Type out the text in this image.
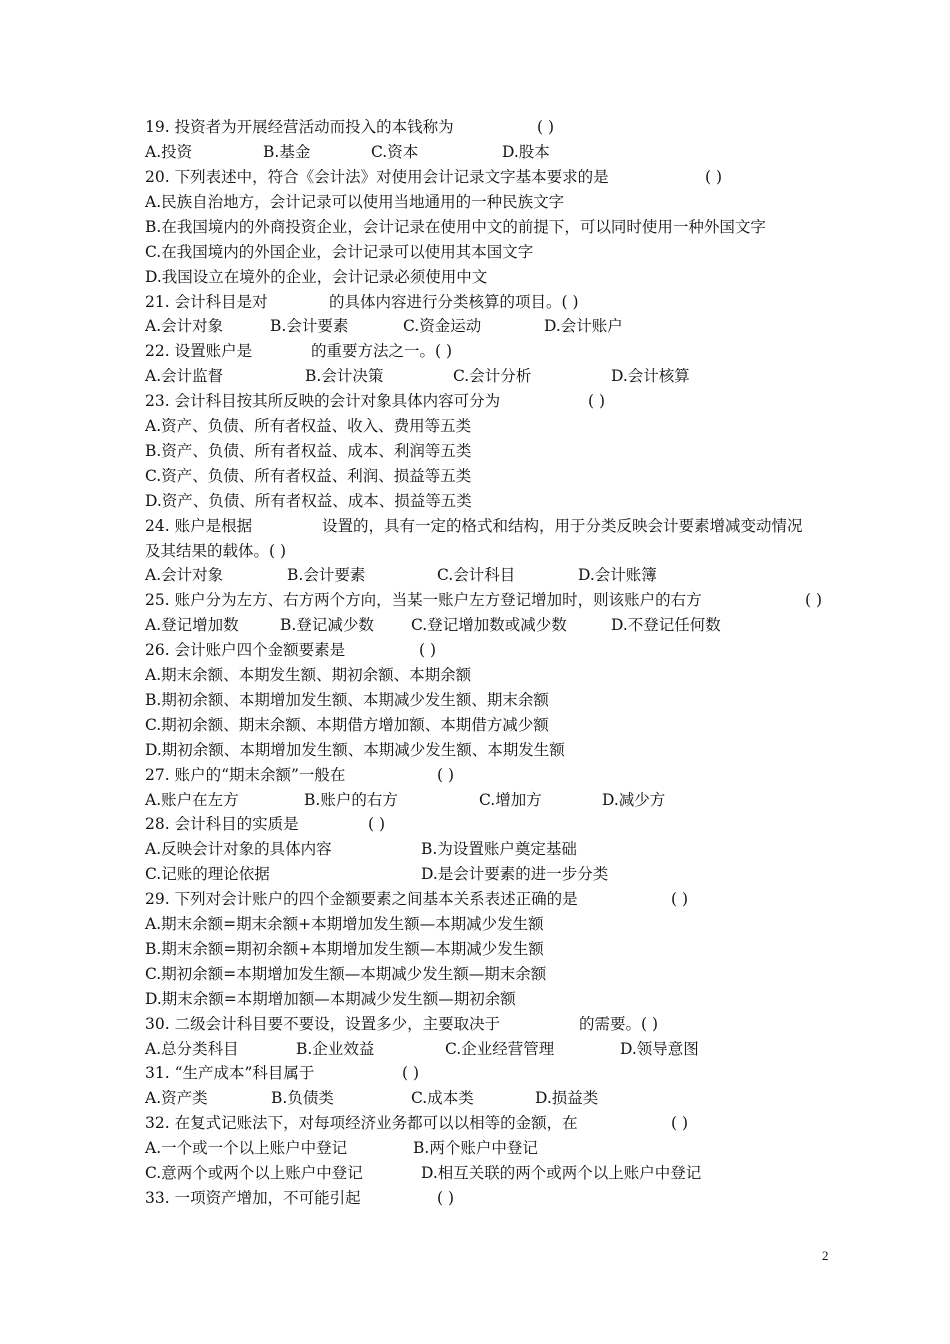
19. 投资者为开展经营活动而投入的本钱称为	( )
A.投资	B.基金	C.资本	D.股本
20. 下列表述中，符合《会计法》对使用会计记录文字基本要求的是	( )
A.民族自治地方，会计记录可以使用当地通用的一种民族文字
B.在我国境内的外商投资企业，会计记录在使用中文的前提下，可以同时使用一种外国文字
C.在我国境内的外国企业，会计记录可以使用其本国文字
D.我国设立在境外的企业，会计记录必须使用中文
21. 会计科目是对	的具体内容进行分类核算的项目。( )
A.会计对象	B.会计要素	C.资金运动	D.会计账户
22. 设置账户是	的重要方法之一。( )
A.会计监督	B.会计决策	C.会计分析	D.会计核算
23. 会计科目按其所反映的会计对象具体内容可分为	( )
A.资产、负债、所有者权益、收入、费用等五类
B.资产、负债、所有者权益、成本、利润等五类
C.资产、负债、所有者权益、利润、损益等五类
D.资产、负债、所有者权益、成本、损益等五类
24. 账户是根据	设置的，具有一定的格式和结构，用于分类反映会计要素增减变动情况
及其结果的载体。( )
A.会计对象	B.会计要素	C.会计科目	D.会计账簿
25. 账户分为左方、右方两个方向，当某一账户左方登记增加时，则该账户的右方	( )
A.登记增加数	B.登记减少数 C.登记增加数或减少数	D.不登记任何数
26. 会计账户四个金额要素是	( )
A.期末余额、本期发生额、期初余额、本期余额
B.期初余额、本期增加发生额、本期减少发生额、期末余额
C.期初余额、期末余额、本期借方增加额、本期借方减少额
D.期初余额、本期增加发生额、本期减少发生额、本期发生额
27. 账户的“期末余额”一般在	( )
A.账户在左方	B.账户的右方	C.增加方	D.减少方
28. 会计科目的实质是	( )
A.反映会计对象的具体内容	B.为设置账户奠定基础
C.记账的理论依据	D.是会计要素的进一步分类
29. 下列对会计账户的四个金额要素之间基本关系表述正确的是	( )
A.期末余额=期末余额+本期增加发生额—本期减少发生额
B.期末余额=期初余额+本期增加发生额—本期减少发生额
C.期初余额=本期增加发生额—本期减少发生额—期末余额
D.期末余额=本期增加额—本期减少发生额—期初余额
30. 二级会计科目要不要设，设置多少，主要取决于	的需要。( )
A.总分类科目	B.企业效益	C.企业经营管理	D.领导意图
31. “生产成本”科目属于	( )
A.资产类	B.负债类	C.成本类	D.损益类
32. 在复式记账法下，对每项经济业务都可以以相等的金额，在	( )
A.一个或一个以上账户中登记	B.两个账户中登记
C.意两个或两个以上账户中登记	D.相互关联的两个或两个以上账户中登记
33. 一项资产增加，不可能引起	( )
2
